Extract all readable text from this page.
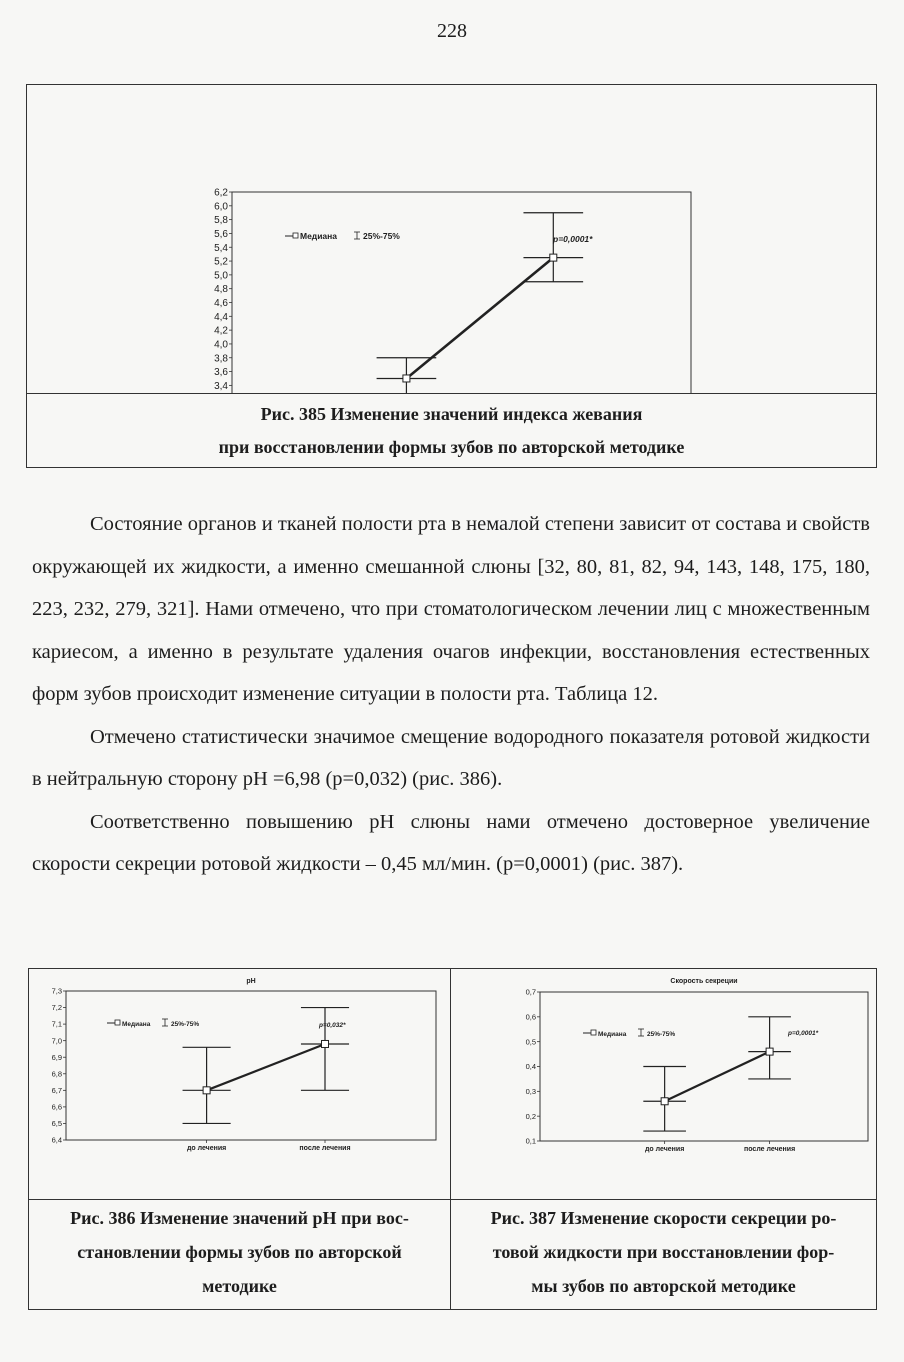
228
6,2
6,0
5,8
5,6
5,4
5,2
5,0
4,8
4,6
4,4
4,2
4,0
3,8
3,6
3,4
Медиана	25%-75%	p=0,0001*
Рис. 385 Изменение значений индекса жевания
при восстановлении формы зубов по авторской методике

Состояние органов и тканей полости рта в немалой степени зависит от состава и свойств окружающей их жидкости, а именно смешанной слюны [32, 80, 81, 82, 94, 143, 148, 175, 180, 223, 232, 279, 321]. Нами отмечено, что при стоматологическом лечении лиц с множественным кариесом, а именно в результате удаления очагов инфекции, восстановления естественных форм зубов происходит изменение ситуации в полости рта. Таблица 12.

Отмечено статистически значимое смещение водородного показателя ротовой жидкости в нейтральную сторону рН =6,98 (р=0,032) (рис. 386).

Соответственно повышению рН слюны нами отмечено достоверное увеличение скорости секреции ротовой жидкости – 0,45 мл/мин. (р=0,0001) (рис. 387).

pH
7,3
7,2
7,1
7,0
6,9
6,8
6,7
6,6
6,5
6,4
до лечения	после лечения
Медиана	25%-75%	p=0,032*
Скорость секреции
0,7
0,6
0,5
0,4
0,3
0,2
0,1
до лечения	после лечения
Медиана	25%-75%	p=0,0001*
Рис. 386 Изменение значений рН при вос-
становлении формы зубов по авторской
методике
Рис. 387 Изменение скорости секреции ро-
товой жидкости при восстановлении фор-
мы зубов по авторской методике
